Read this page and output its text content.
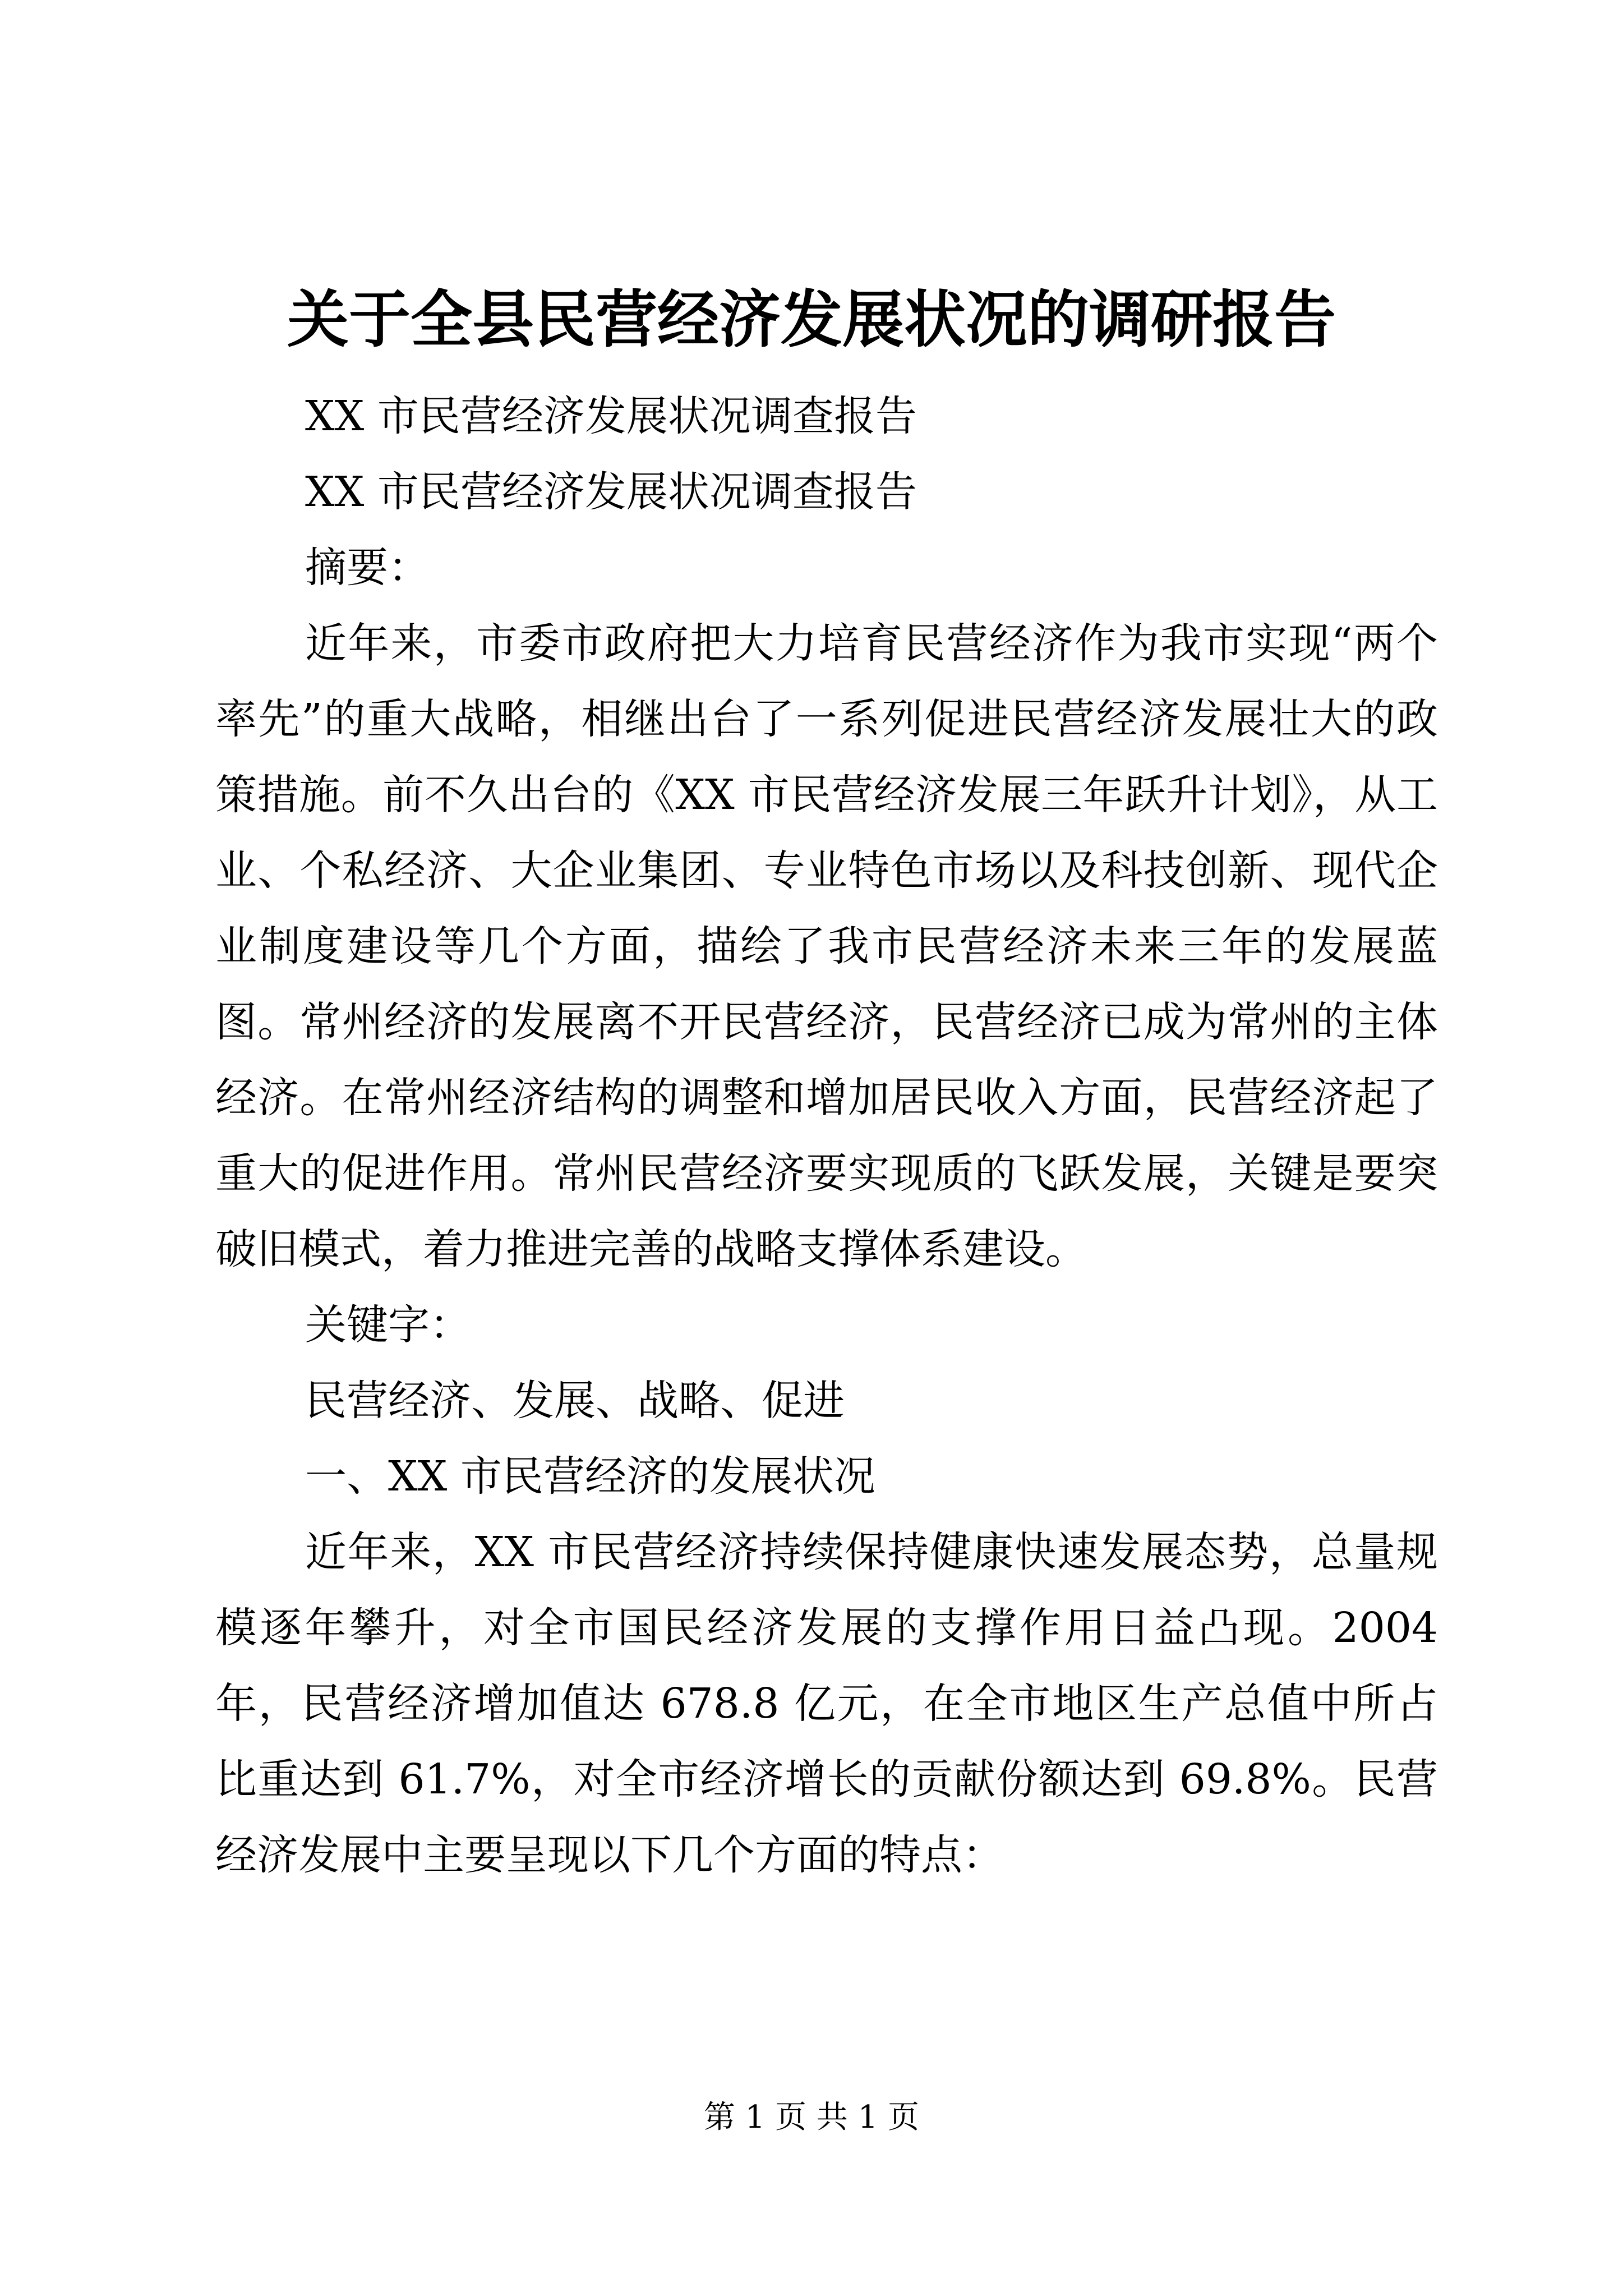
关于全县民营经济发展状况的调研报告

XX 市民营经济发展状况调查报告

XX 市民营经济发展状况调查报告

摘要：

近年来，市委市政府把大力培育民营经济作为我市实现“两个率先”的重大战略，相继出台了一系列促进民营经济发展壮大的政策措施。前不久出台的《XX 市民营经济发展三年跃升计划》，从工业、个私经济、大企业集团、专业特色市场以及科技创新、现代企业制度建设等几个方面，描绘了我市民营经济未来三年的发展蓝图。常州经济的发展离不开民营经济，民营经济已成为常州的主体经济。在常州经济结构的调整和增加居民收入方面，民营经济起了重大的促进作用。常州民营经济要实现质的飞跃发展，关键是要突破旧模式，着力推进完善的战略支撑体系建设。

关键字：

民营经济、发展、战略、促进

一、XX 市民营经济的发展状况

近年来，XX 市民营经济持续保持健康快速发展态势，总量规模逐年攀升，对全市国民经济发展的支撑作用日益凸现。2004 年，民营经济增加值达 678.8 亿元，在全市地区生产总值中所占比重达到 61.7%，对全市经济增长的贡献份额达到 69.8%。民营经济发展中主要呈现以下几个方面的特点：

第 1 页 共 1 页
